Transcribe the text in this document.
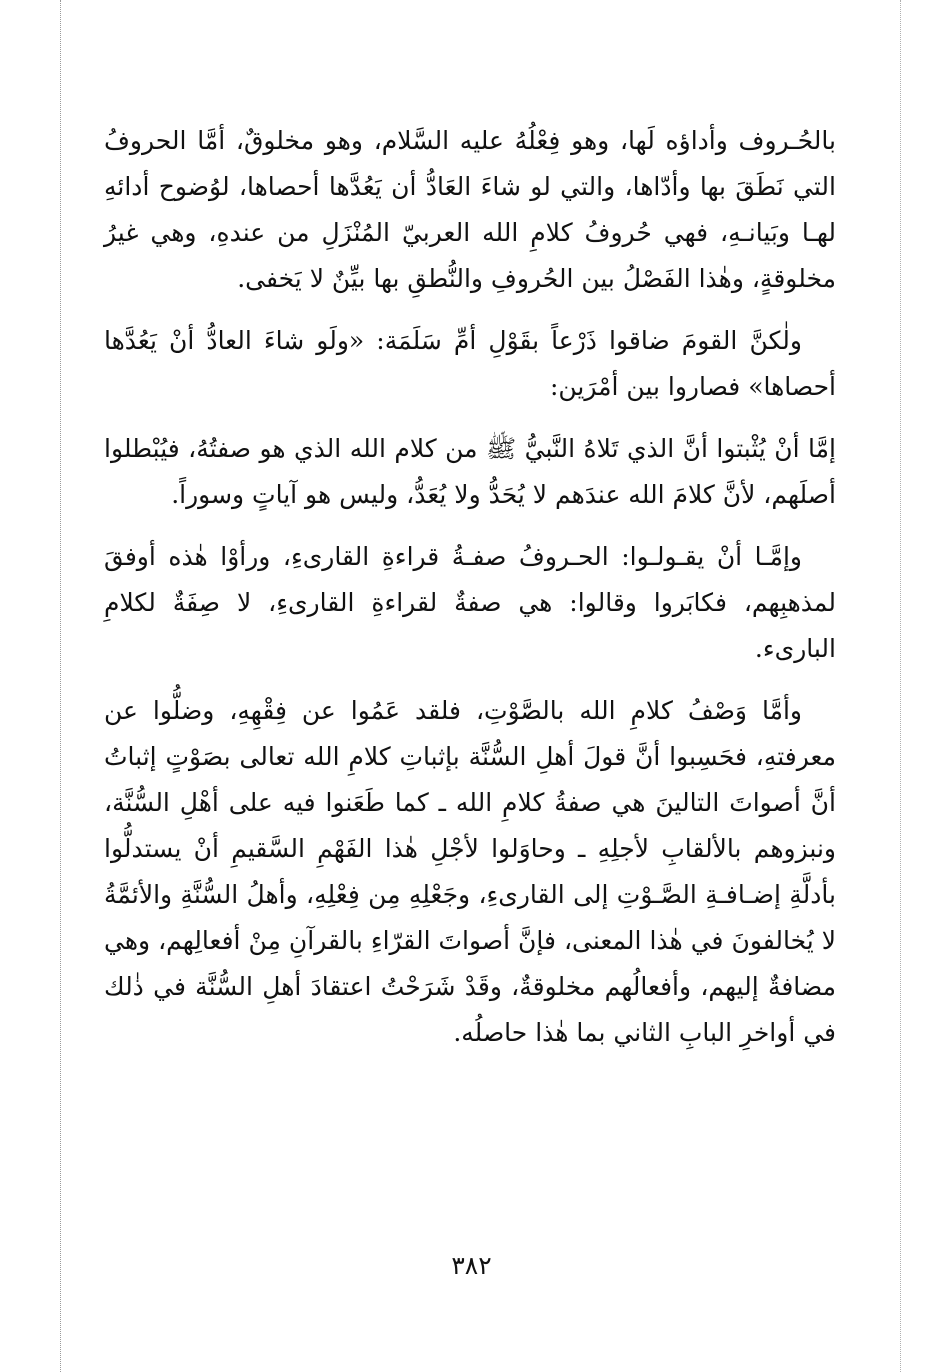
بالحُـروف وأداؤه لَها، وهو فِعْلُهُ عليه السَّلام، وهو مخلوقٌ، أمَّا الحروفُ التي نَطَقَ بها وأدّاها، والتي لو شاءَ العَادُّ أن يَعُدَّها أحصاها، لوُضوح أدائهِ لهـا وبَيانـهِ، فهي حُروفُ كلامِ الله العربيّ المُنْزَلِ من عندهِ، وهي غيرُ مخلوقةٍ، وهٰذا الفَصْلُ بين الحُروفِ والنُّطقِ بها بيِّنٌ لا يَخفى.

ولٰكنَّ القومَ ضاقوا ذَرْعاً بقَوْلِ أمِّ سَلَمَة: «ولَو شاءَ العادُّ أنْ يَعُدَّها أحصاها» فصاروا بين أمْرَين:

إمَّا أنْ يُثْبتوا أنَّ الذي تَلاهُ النَّبيُّ ﷺ من كلام الله الذي هو صفتُهُ، فيُبْطلوا أصلَهم، لأنَّ كلامَ الله عندَهم لا يُحَدُّ ولا يُعَدُّ، وليس هو آياتٍ وسوراً.

وإمَّـا أنْ يقـولـوا: الحـروفُ صفـةُ قراءةِ القارىءِ، ورأوْا هٰذه أوفقَ لمذهبِهم، فكابَروا وقالوا: هي صفةٌ لقراءةِ القارىءِ، لا صِفَةٌ لكلامِ البارىء.

وأمَّا وَصْفُ كلامِ الله بالصَّوْتِ، فلقد عَمُوا عن فِقْهِهِ، وضلُّوا عن معرفتهِ، فحَسِبوا أنَّ قولَ أهلِ السُّنَّة بإثباتِ كلامِ الله تعالى بصَوْتٍ إثباتُ أنَّ أصواتَ التالينَ هي صفةُ كلامِ الله ـ كما طَعَنوا فيه على أهْلِ السُّنَّة، ونبزوهم بالألقابِ لأجلِهِ ـ وحاوَلوا لأجْلِ هٰذا الفَهْمِ السَّقيمِ أنْ يستدلُّوا بأدلَّةِ إضـافـةِ الصَّـوْتِ إلى القارىءِ، وجَعْلِهِ مِن فِعْلِهِ، وأهلُ السُّنَّةِ والأئمَّةُ لا يُخالفونَ في هٰذا المعنى، فإنَّ أصواتَ القرّاءِ بالقرآنِ مِنْ أفعالِهم، وهي مضافةٌ إليهم، وأفعالُهم مخلوقةٌ، وقَدْ شَرَحْتُ اعتقادَ أهلِ السُّنَّة في ذٰلك في أواخرِ البابِ الثاني بما هٰذا حاصلُه.

٣٨٢
